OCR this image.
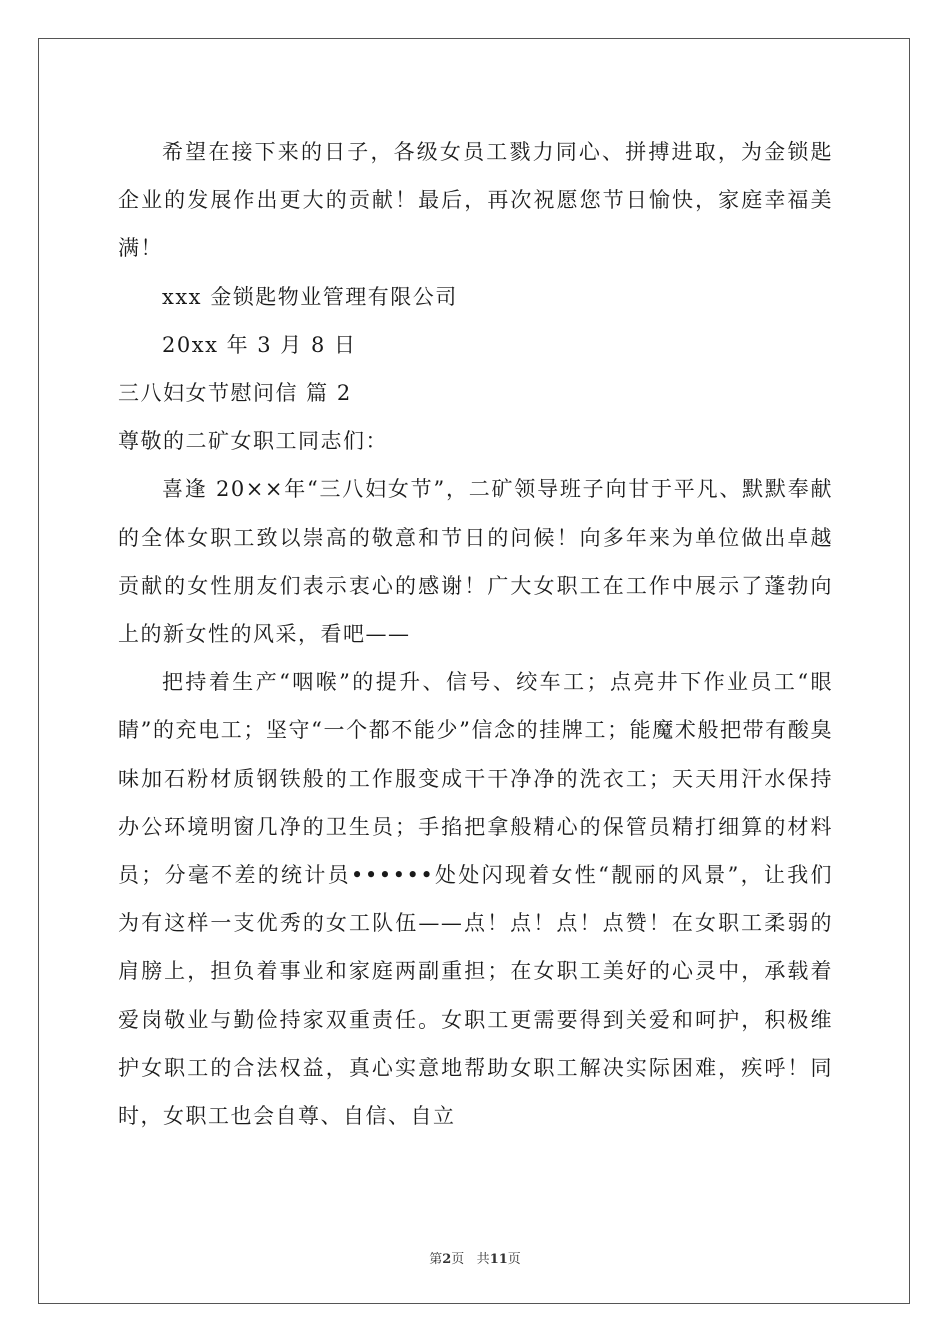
希望在接下来的日子，各级女员工戮力同心、拼搏进取，为金锁匙企业的发展作出更大的贡献！最后，再次祝愿您节日愉快，家庭幸福美满！

xxx 金锁匙物业管理有限公司

20xx 年 3 月 8 日

三八妇女节慰问信 篇 2

尊敬的二矿女职工同志们：

喜逢 20××年“三八妇女节”，二矿领导班子向甘于平凡、默默奉献的全体女职工致以崇高的敬意和节日的问候！向多年来为单位做出卓越贡献的女性朋友们表示衷心的感谢！广大女职工在工作中展示了蓬勃向上的新女性的风采，看吧——

把持着生产“咽喉”的提升、信号、绞车工；点亮井下作业员工“眼睛”的充电工；坚守“一个都不能少”信念的挂牌工；能魔术般把带有酸臭味加石粉材质钢铁般的工作服变成干干净净的洗衣工；天天用汗水保持办公环境明窗几净的卫生员；手掐把拿般精心的保管员精打细算的材料员；分毫不差的统计员••••••处处闪现着女性“靓丽的风景”，让我们为有这样一支优秀的女工队伍——点！点！点！点赞！在女职工柔弱的肩膀上，担负着事业和家庭两副重担；在女职工美好的心灵中，承载着爱岗敬业与勤俭持家双重责任。女职工更需要得到关爱和呵护，积极维护女职工的合法权益，真心实意地帮助女职工解决实际困难，疾呼！同时，女职工也会自尊、自信、自立

第2页 共11页
